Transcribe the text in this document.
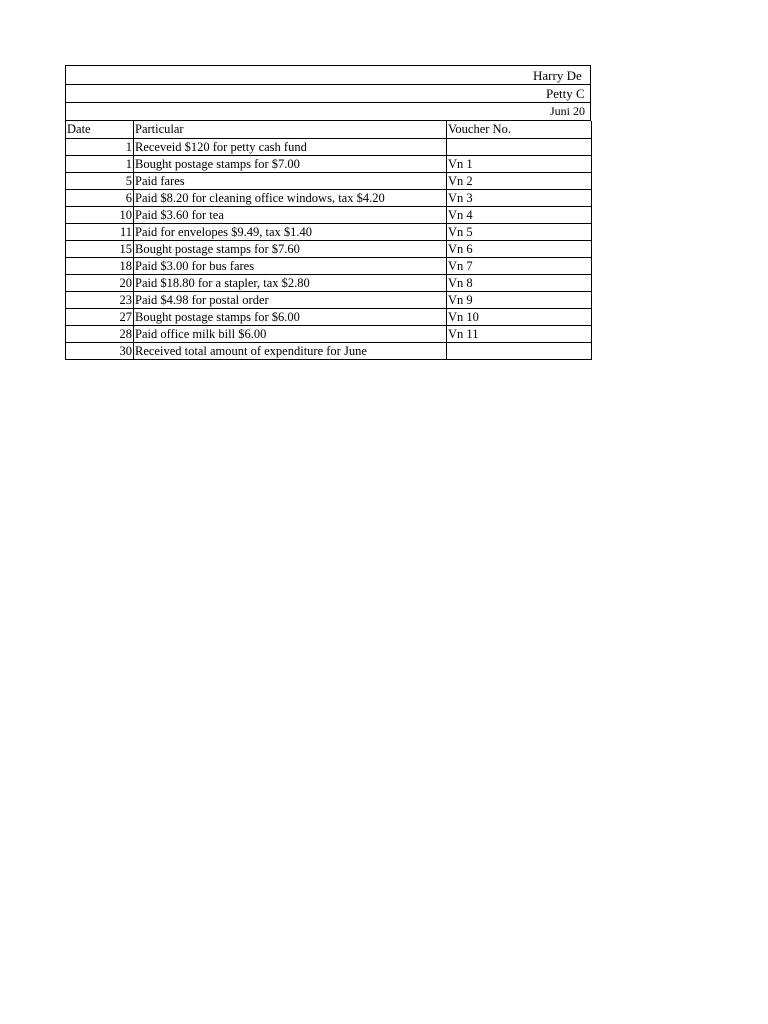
Harry De
Petty C
Juni 20
Date	Particular	Voucher No.
1	Receveid $120 for petty cash fund	
1	Bought postage stamps for $7.00	Vn 1
5	Paid fares	Vn 2
6	Paid $8.20 for cleaning office windows, tax $4.20	Vn 3
10	Paid $3.60 for tea	Vn 4
11	Paid for envelopes $9.49, tax $1.40	Vn 5
15	Bought postage stamps for $7.60	Vn 6
18	Paid $3.00 for bus fares	Vn 7
20	Paid $18.80 for a stapler, tax $2.80	Vn 8
23	Paid $4.98 for postal order	Vn 9
27	Bought postage stamps for $6.00	Vn 10
28	Paid office milk bill $6.00	Vn 11
30	Received total amount of expenditure for June	
